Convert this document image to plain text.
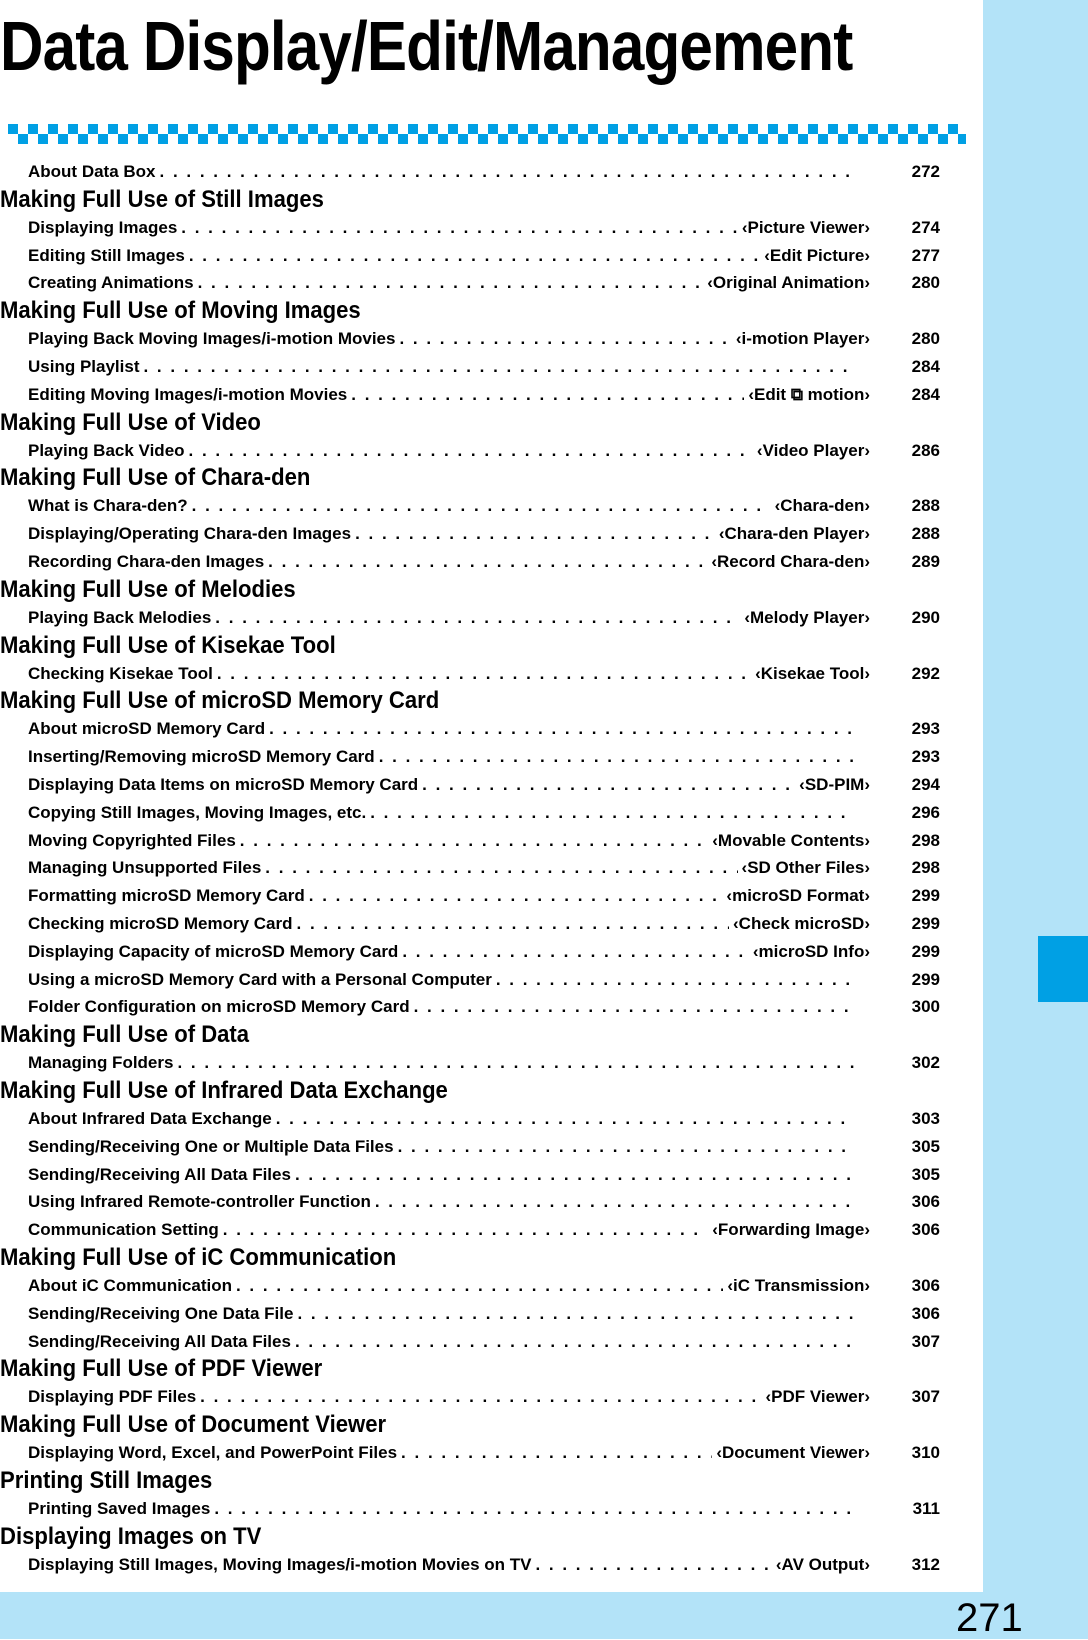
271
Data Display/Edit/Management
About Data Box . . .	272
Making Full Use of Still Images
Displaying Images . . .	‹Picture Viewer›	274
Editing Still Images . . .	‹Edit Picture›	277
Creating Animations . . .	‹Original Animation›	280
Making Full Use of Moving Images
Playing Back Moving Images/i-motion Movies . . .	‹i-motion Player›	280
Using Playlist . . .	284
Editing Moving Images/i-motion Movies . . .	‹Edit ⧉ motion›	284
Making Full Use of Video
Playing Back Video . . .	‹Video Player›	286
Making Full Use of Chara-den
What is Chara-den? . . .	‹Chara-den›	288
Displaying/Operating Chara-den Images . . .	‹Chara-den Player›	288
Recording Chara-den Images . . .	‹Record Chara-den›	289
Making Full Use of Melodies
Playing Back Melodies . . .	‹Melody Player›	290
Making Full Use of Kisekae Tool
Checking Kisekae Tool . . .	‹Kisekae Tool›	292
Making Full Use of microSD Memory Card
About microSD Memory Card . . .	293
Inserting/Removing microSD Memory Card . . .	293
Displaying Data Items on microSD Memory Card . . .	‹SD-PIM›	294
Copying Still Images, Moving Images, etc. . . .	296
Moving Copyrighted Files . . .	‹Movable Contents›	298
Managing Unsupported Files . . .	‹SD Other Files›	298
Formatting microSD Memory Card . . .	‹microSD Format›	299
Checking microSD Memory Card . . .	‹Check microSD›	299
Displaying Capacity of microSD Memory Card . . .	‹microSD Info›	299
Using a microSD Memory Card with a Personal Computer . . .	299
Folder Configuration on microSD Memory Card . . .	300
Making Full Use of Data
Managing Folders . . .	302
Making Full Use of Infrared Data Exchange
About Infrared Data Exchange . . .	303
Sending/Receiving One or Multiple Data Files . . .	305
Sending/Receiving All Data Files . . .	305
Using Infrared Remote-controller Function . . .	306
Communication Setting . . .	‹Forwarding Image›	306
Making Full Use of iC Communication
About iC Communication . . .	‹iC Transmission›	306
Sending/Receiving One Data File . . .	306
Sending/Receiving All Data Files . . .	307
Making Full Use of PDF Viewer
Displaying PDF Files . . .	‹PDF Viewer›	307
Making Full Use of Document Viewer
Displaying Word, Excel, and PowerPoint Files . . .	‹Document Viewer›	310
Printing Still Images
Printing Saved Images . . .	311
Displaying Images on TV
Displaying Still Images, Moving Images/i-motion Movies on TV . . .	‹AV Output›	312
